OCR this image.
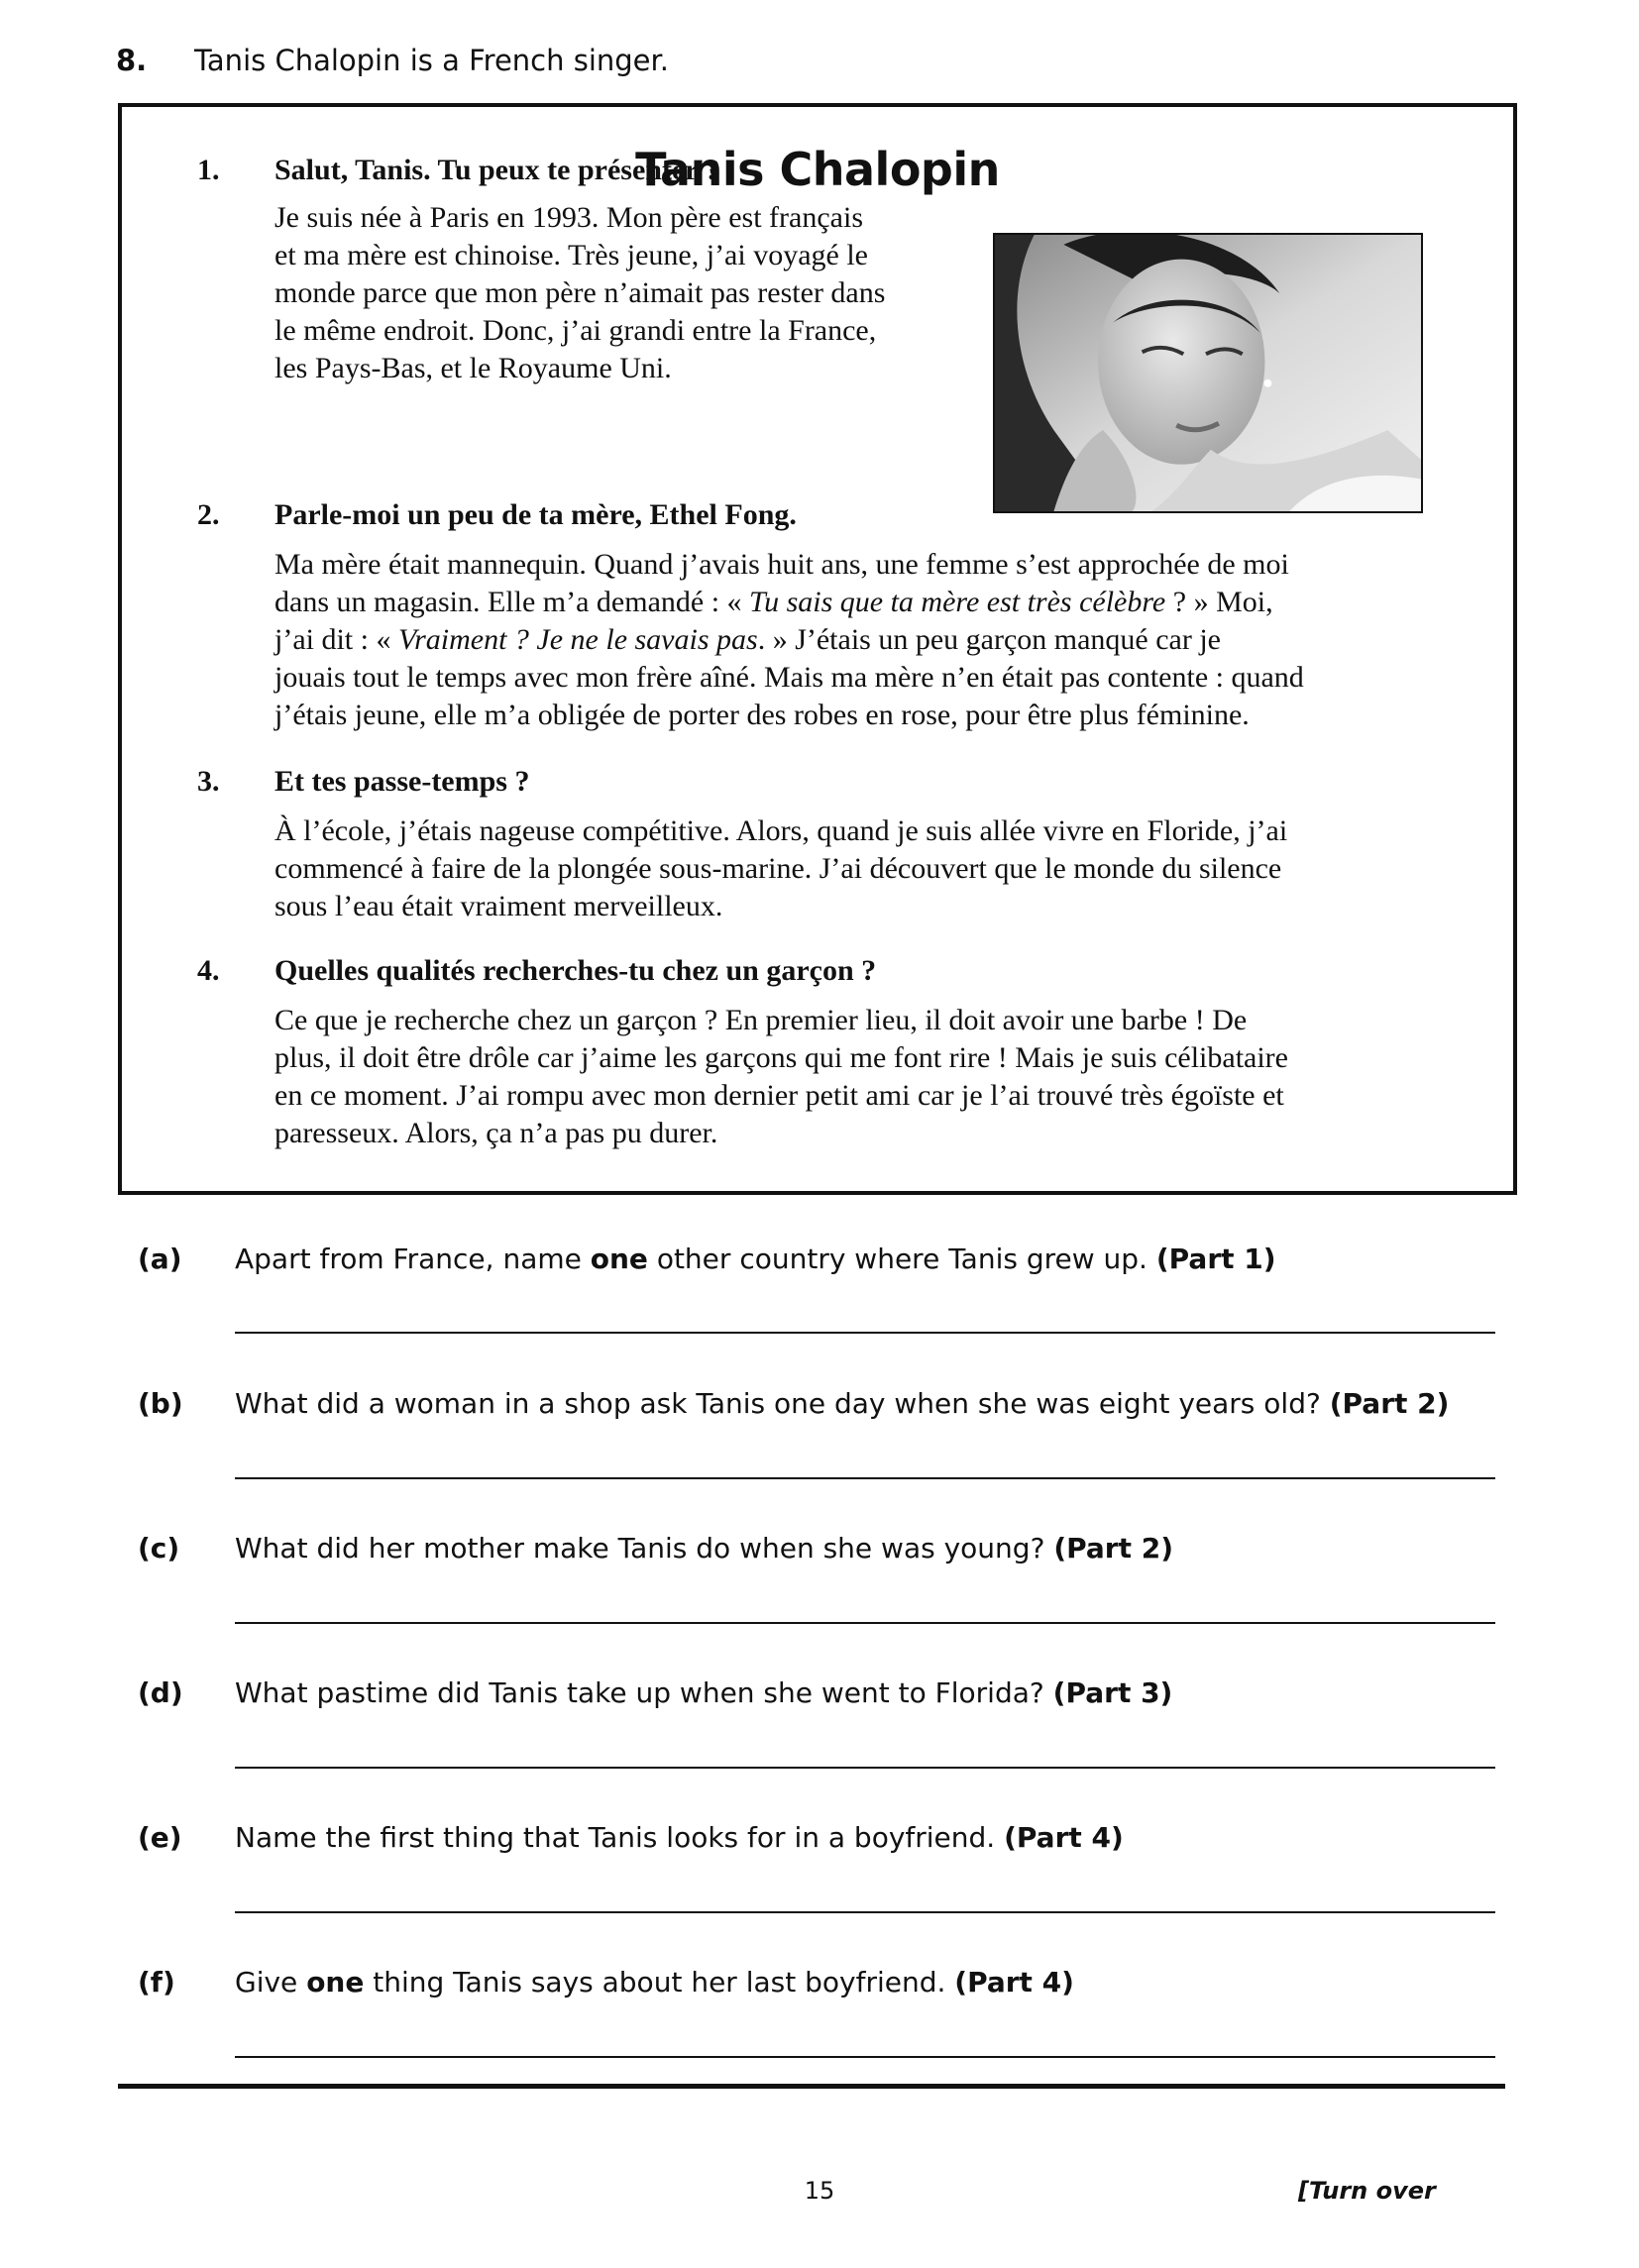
8. Tanis Chalopin is a French singer.
Tanis Chalopin
1. Salut, Tanis. Tu peux te présenter ?

Je suis née à Paris en 1993. Mon père est français

et ma mère est chinoise. Très jeune, j’ai voyagé le

monde parce que mon père n’aimait pas rester dans

le même endroit. Donc, j’ai grandi entre la France,

les Pays-Bas, et le Royaume Uni.

2. Parle-moi un peu de ta mère, Ethel Fong.

Ma mère était mannequin. Quand j’avais huit ans, une femme s’est approchée de moi

dans un magasin. Elle m’a demandé : « Tu sais que ta mère est très célèbre ? » Moi,

j’ai dit : « Vraiment ? Je ne le savais pas. » J’étais un peu garçon manqué car je

jouais tout le temps avec mon frère aîné. Mais ma mère n’en était pas contente : quand

j’étais jeune, elle m’a obligée de porter des robes en rose, pour être plus féminine.

3. Et tes passe-temps ?

À l’école, j’étais nageuse compétitive. Alors, quand je suis allée vivre en Floride, j’ai

commencé à faire de la plongée sous-marine. J’ai découvert que le monde du silence

sous l’eau était vraiment merveilleux.

4. Quelles qualités recherches-tu chez un garçon ?

Ce que je recherche chez un garçon ? En premier lieu, il doit avoir une barbe ! De

plus, il doit être drôle car j’aime les garçons qui me font rire ! Mais je suis célibataire

en ce moment. J’ai rompu avec mon dernier petit ami car je l’ai trouvé très égoïste et

paresseux. Alors, ça n’a pas pu durer.

(a) Apart from France, name one other country where Tanis grew up. (Part 1)
(b) What did a woman in a shop ask Tanis one day when she was eight years old? (Part 2)
(c) What did her mother make Tanis do when she was young? (Part 2)
(d) What pastime did Tanis take up when she went to Florida? (Part 3)
(e) Name the first thing that Tanis looks for in a boyfriend. (Part 4)
(f) Give one thing Tanis says about her last boyfriend. (Part 4)
15	[Turn over
